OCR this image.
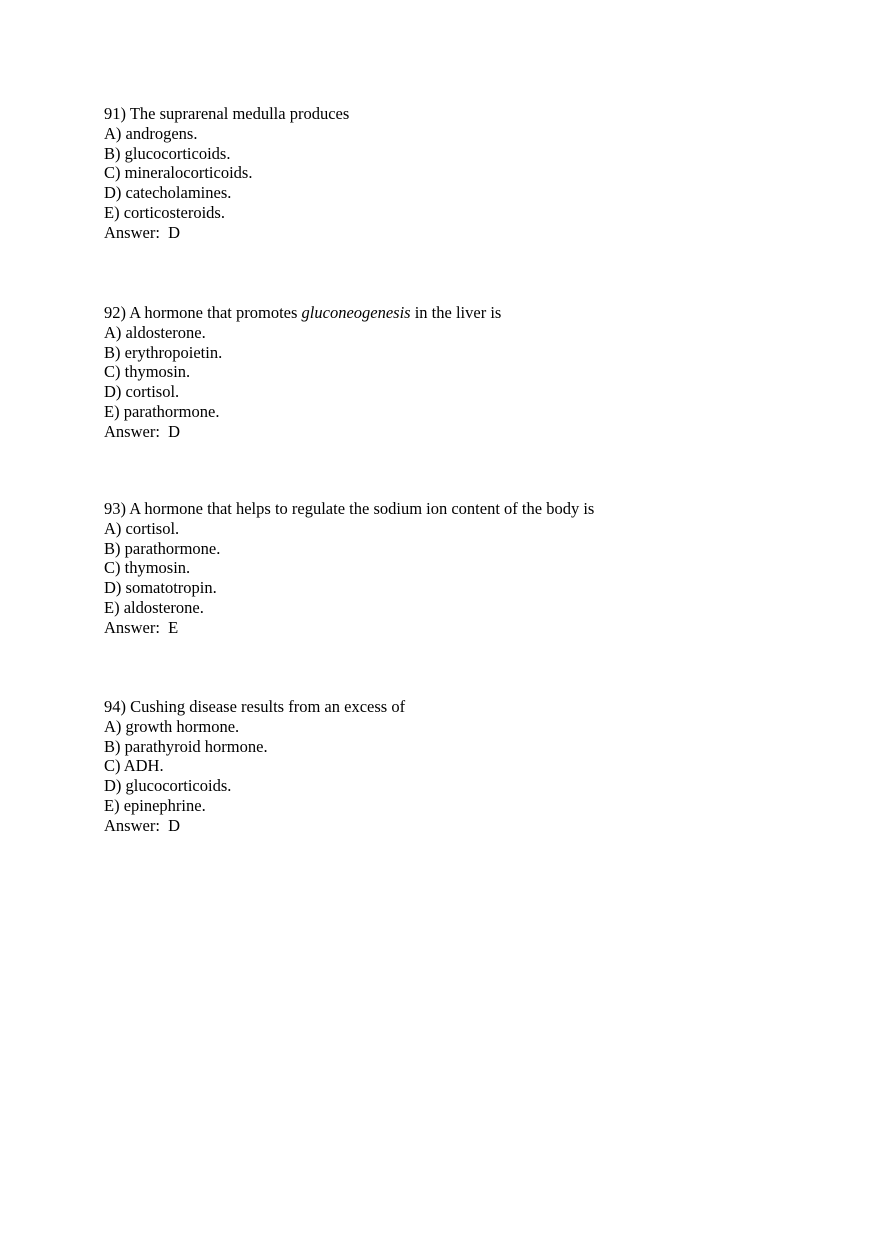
91) The suprarenal medulla produces
A) androgens.
B) glucocorticoids.
C) mineralocorticoids.
D) catecholamines.
E) corticosteroids.
Answer:  D
92) A hormone that promotes gluconeogenesis in the liver is
A) aldosterone.
B) erythropoietin.
C) thymosin.
D) cortisol.
E) parathormone.
Answer:  D
93) A hormone that helps to regulate the sodium ion content of the body is
A) cortisol.
B) parathormone.
C) thymosin.
D) somatotropin.
E) aldosterone.
Answer:  E
94) Cushing disease results from an excess of
A) growth hormone.
B) parathyroid hormone.
C) ADH.
D) glucocorticoids.
E) epinephrine.
Answer:  D
